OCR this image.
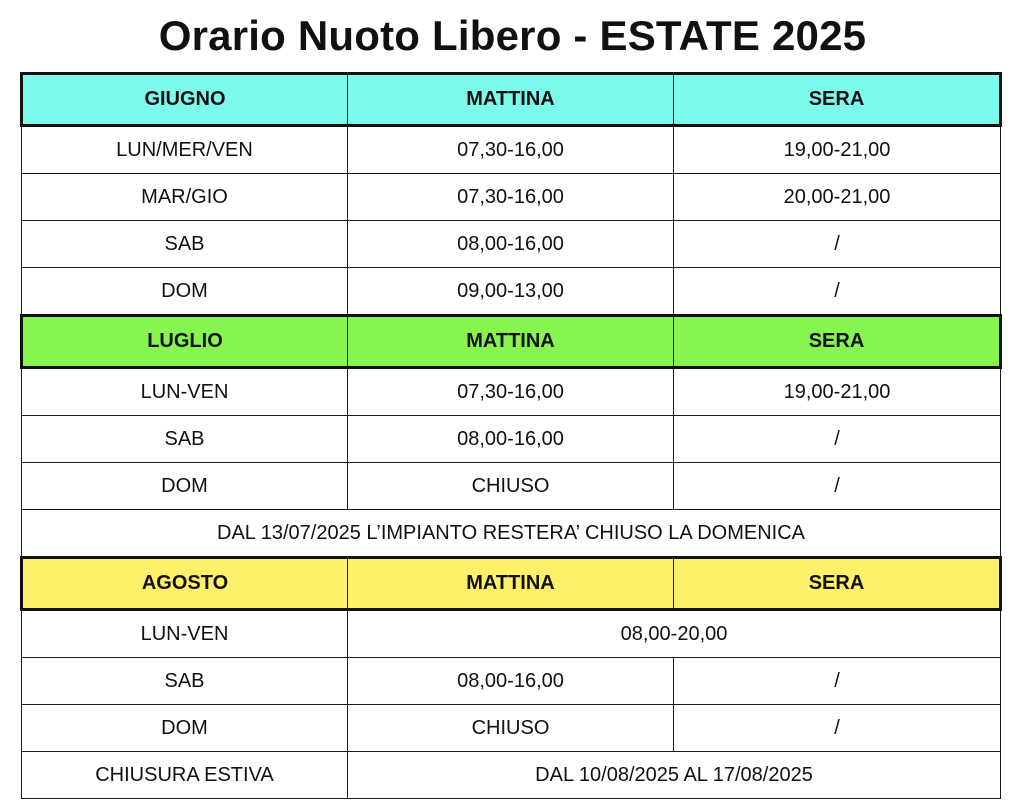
Orario Nuoto Libero - ESTATE 2025
GIUGNO	MATTINA	SERA
LUN/MER/VEN	07,30-16,00	19,00-21,00
MAR/GIO	07,30-16,00	20,00-21,00
SAB	08,00-16,00	/
DOM	09,00-13,00	/
LUGLIO	MATTINA	SERA
LUN-VEN	07,30-16,00	19,00-21,00
SAB	08,00-16,00	/
DOM	CHIUSO	/
DAL 13/07/2025 L’IMPIANTO RESTERA’ CHIUSO LA DOMENICA		
AGOSTO	MATTINA	SERA
LUN-VEN	08,00-20,00	
SAB	08,00-16,00	/
DOM	CHIUSO	/
CHIUSURA ESTIVA	DAL 10/08/2025 AL 17/08/2025	
